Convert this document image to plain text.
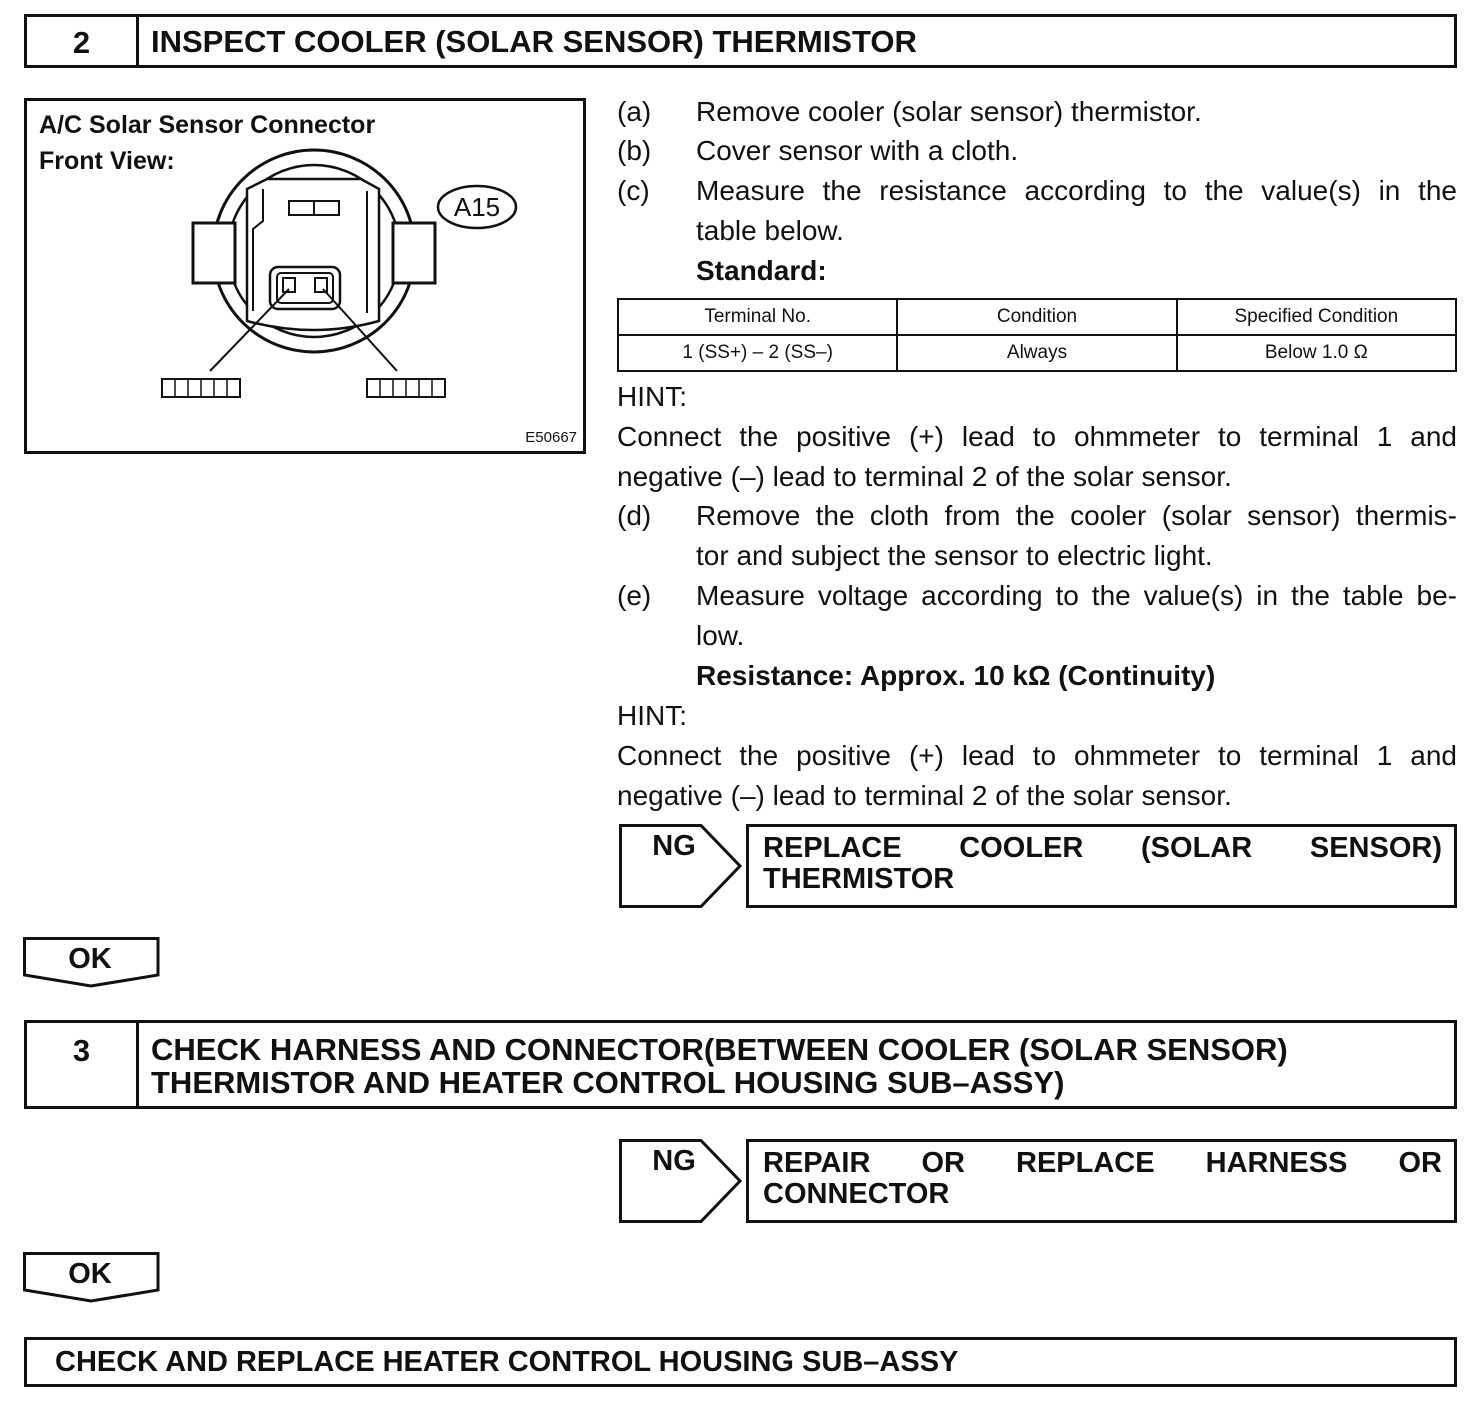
2	INSPECT COOLER (SOLAR SENSOR) THERMISTOR
A/C Solar Sensor Connector
Front View:
A15
E50667
(a) Remove cooler (solar sensor) thermistor.
(b) Cover sensor with a cloth.
(c) Measure the resistance according to the value(s) in the
table below.
Standard:
HINT:
Connect the positive (+) lead to ohmmeter to terminal 1 and
negative (–) lead to terminal 2 of the solar sensor.
(d) Remove the cloth from the cooler (solar sensor) thermis-
tor and subject the sensor to electric light.
(e) Measure voltage according to the value(s) in the table be-
low.
Resistance: Approx. 10 kΩ (Continuity)
HINT:
Connect the positive (+) lead to ohmmeter to terminal 1 and
negative (–) lead to terminal 2 of the solar sensor.
Terminal No.	Condition	Specified Condition
1 (SS+) – 2 (SS–)	Always	Below 1.0 Ω
NG	REPLACE COOLER (SOLAR SENSOR)
THERMISTOR
OK
3	CHECK HARNESS AND CONNECTOR(BETWEEN COOLER (SOLAR SENSOR)
THERMISTOR AND HEATER CONTROL HOUSING SUB–ASSY)
NG	REPAIR OR REPLACE HARNESS OR
CONNECTOR
OK
CHECK AND REPLACE HEATER CONTROL HOUSING SUB–ASSY
